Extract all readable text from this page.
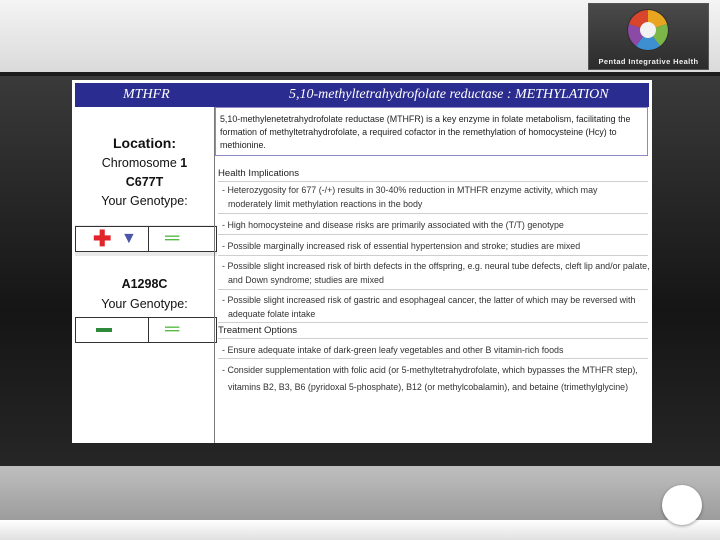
Pentad Integrative Health
MTHFR	5,10-methyltetrahydrofolate reductase : METHYLATION
Location:
Chromosome 1
C677T
Your Genotype:
✚ ▼ ═
A1298C
Your Genotype:
═
5,10-methylenetetrahydrofolate reductase (MTHFR) is a key enzyme in folate metabolism, facilitating the formation of methyltetrahydrofolate, a required cofactor in the remethylation of homocysteine (Hcy) to methionine.
Health Implications
- Heterozygosity for 677 (-/+) results in 30-40% reduction in MTHFR enzyme activity, which may
moderately limit methylation reactions in the body
- High homocysteine and disease risks are primarily associated with the (T/T) genotype
- Possible marginally increased risk of essential hypertension and stroke; studies are mixed
- Possible slight increased risk of birth defects in the offspring, e.g. neural tube defects, cleft lip and/or palate,
and Down syndrome; studies are mixed
- Possible slight increased risk of gastric and esophageal cancer, the latter of which may be reversed with
adequate folate intake
Treatment Options
- Ensure adequate intake of dark-green leafy vegetables and other B vitamin-rich foods
- Consider supplementation with folic acid (or 5-methyltetrahydrofolate, which bypasses the MTHFR step),
vitamins B2, B3, B6 (pyridoxal 5-phosphate), B12 (or methylcobalamin), and betaine (trimethylglycine)
